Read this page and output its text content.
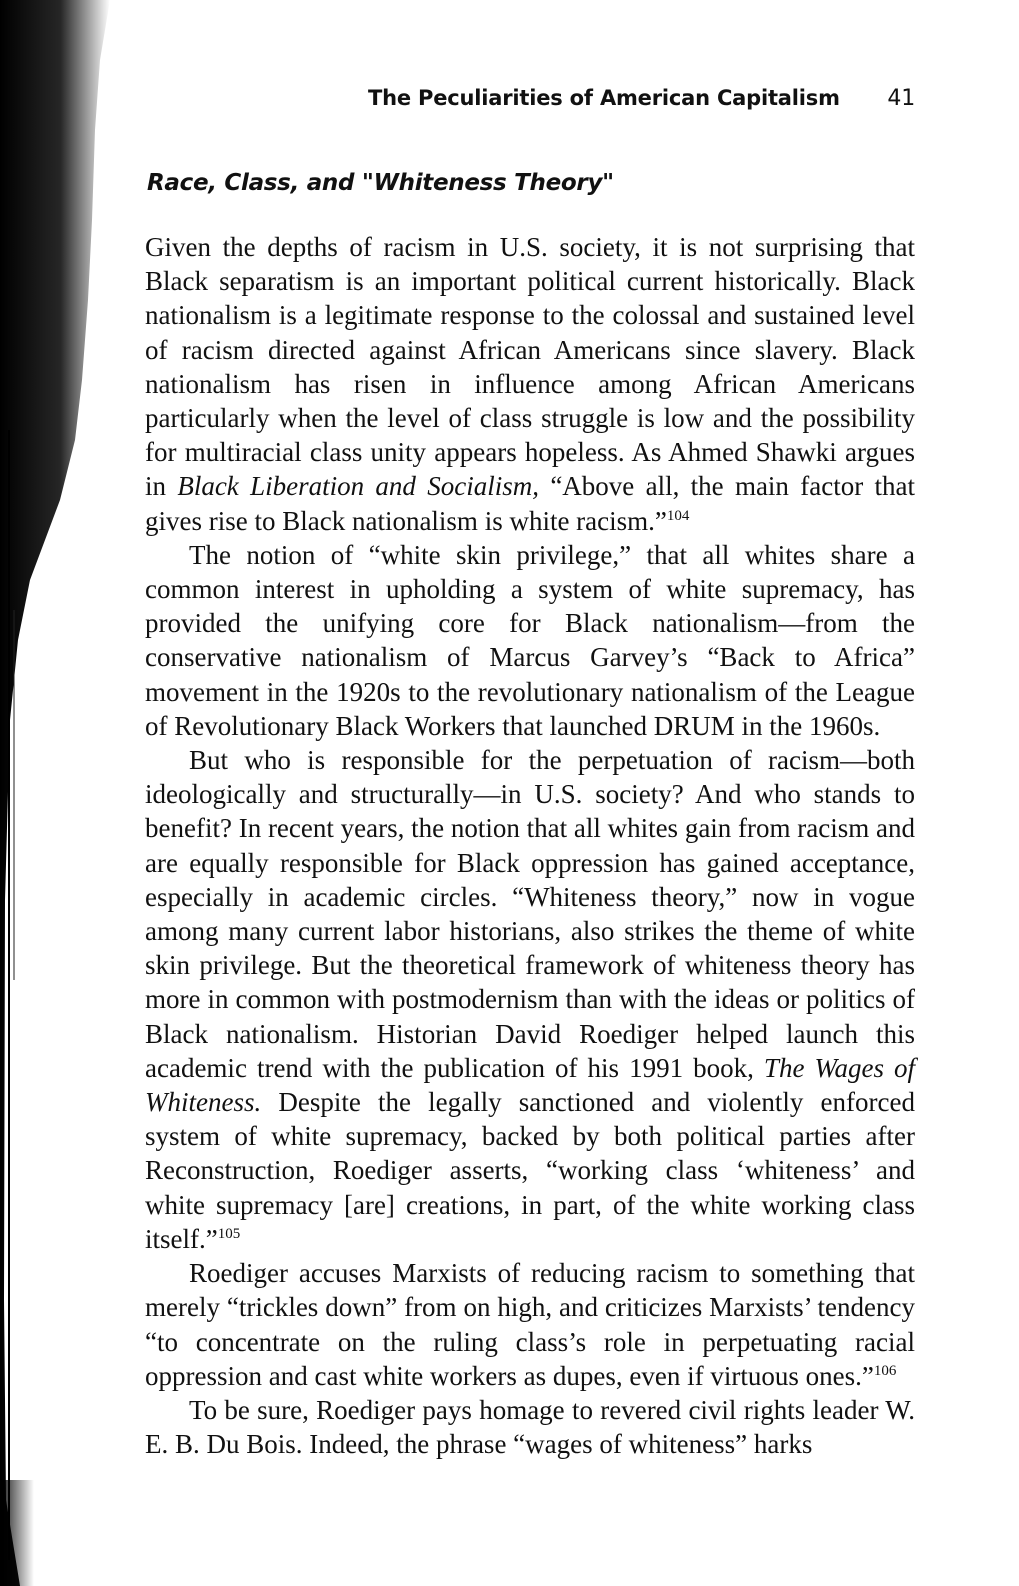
The Peculiarities of American Capitalism 41
Race, Class, and "Whiteness Theory"

Given the depths of racism in U.S. society, it is not surprising that Black separatism is an important political current historically. Black nationalism is a legitimate response to the colossal and sustained level of racism directed against African Americans since slavery. Black nationalism has risen in influence among African Americans particularly when the level of class struggle is low and the possibility for multiracial class unity appears hopeless. As Ahmed Shawki argues in Black Liberation and Socialism, “Above all, the main factor that gives rise to Black nationalism is white racism.”$^{104}$

The notion of “white skin privilege,” that all whites share a common interest in upholding a system of white supremacy, has provided the unifying core for Black nationalism—from the conservative nationalism of Marcus Garvey’s “Back to Africa” movement in the 1920s to the revolutionary nationalism of the League of Revolutionary Black Workers that launched DRUM in the 1960s.

But who is responsible for the perpetuation of racism—both ideologically and structurally—in U.S. society? And who stands to benefit? In recent years, the notion that all whites gain from racism and are equally responsible for Black oppression has gained acceptance, especially in academic circles. “Whiteness theory,” now in vogue among many current labor historians, also strikes the theme of white skin privilege. But the theoretical framework of whiteness theory has more in common with postmodernism than with the ideas or politics of Black nationalism. Historian David Roediger helped launch this academic trend with the publication of his 1991 book, The Wages of Whiteness. Despite the legally sanctioned and violently enforced system of white supremacy, backed by both political parties after Reconstruction, Roediger asserts, “working class ‘whiteness’ and white supremacy [are] creations, in part, of the white working class itself.”$^{105}$

Roediger accuses Marxists of reducing racism to something that merely “trickles down” from on high, and criticizes Marxists’ tendency “to concentrate on the ruling class’s role in perpetuating racial oppression and cast white workers as dupes, even if virtuous ones.”$^{106}$

To be sure, Roediger pays homage to revered civil rights leader W. E. B. Du Bois. Indeed, the phrase “wages of whiteness” harks
